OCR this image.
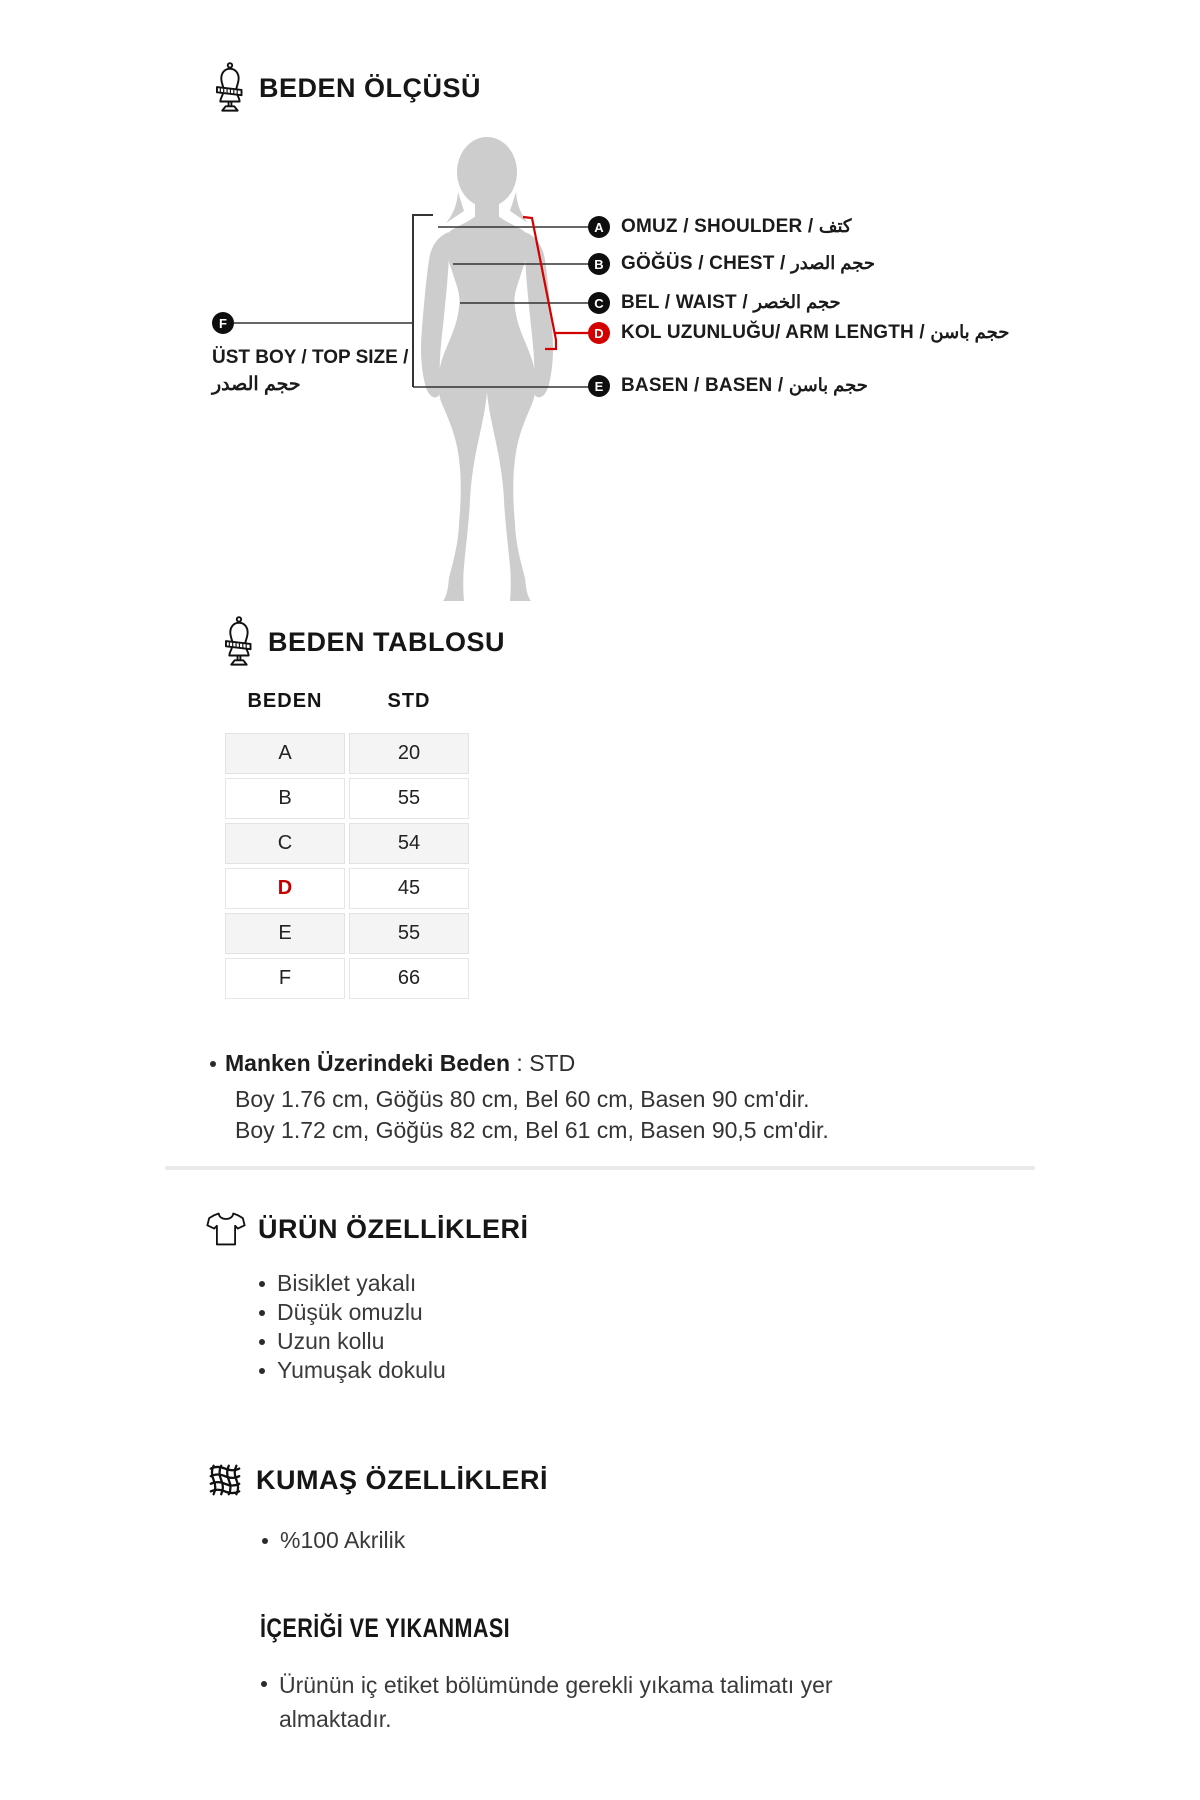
BEDEN ÖLÇÜSÜ
A OMUZ / SHOULDER / كتف
B GÖĞÜS / CHEST / حجم الصدر
C BEL / WAIST / حجم الخصر
D KOL UZUNLUĞU/ ARM LENGTH / حجم باسن
E BASEN / BASEN / حجم باسن
F
ÜST BOY / TOP SIZE /
حجم الصدر
BEDEN TABLOSU
BEDEN	STD
A	20
B	55
C	54
D	45
E	55
F	66
Manken Üzerindeki Beden : STD
Boy 1.76 cm, Göğüs 80 cm, Bel 60 cm, Basen 90 cm'dir.
Boy 1.72 cm, Göğüs 82 cm, Bel 61 cm, Basen 90,5 cm'dir.
ÜRÜN ÖZELLİKLERİ
Bisiklet yakalı
Düşük omuzlu
Uzun kollu
Yumuşak dokulu
KUMAŞ ÖZELLİKLERİ
%100 Akrilik
İÇERİĞİ VE YIKANMASI
Ürünün iç etiket bölümünde gerekli yıkama talimatı yer almaktadır.
